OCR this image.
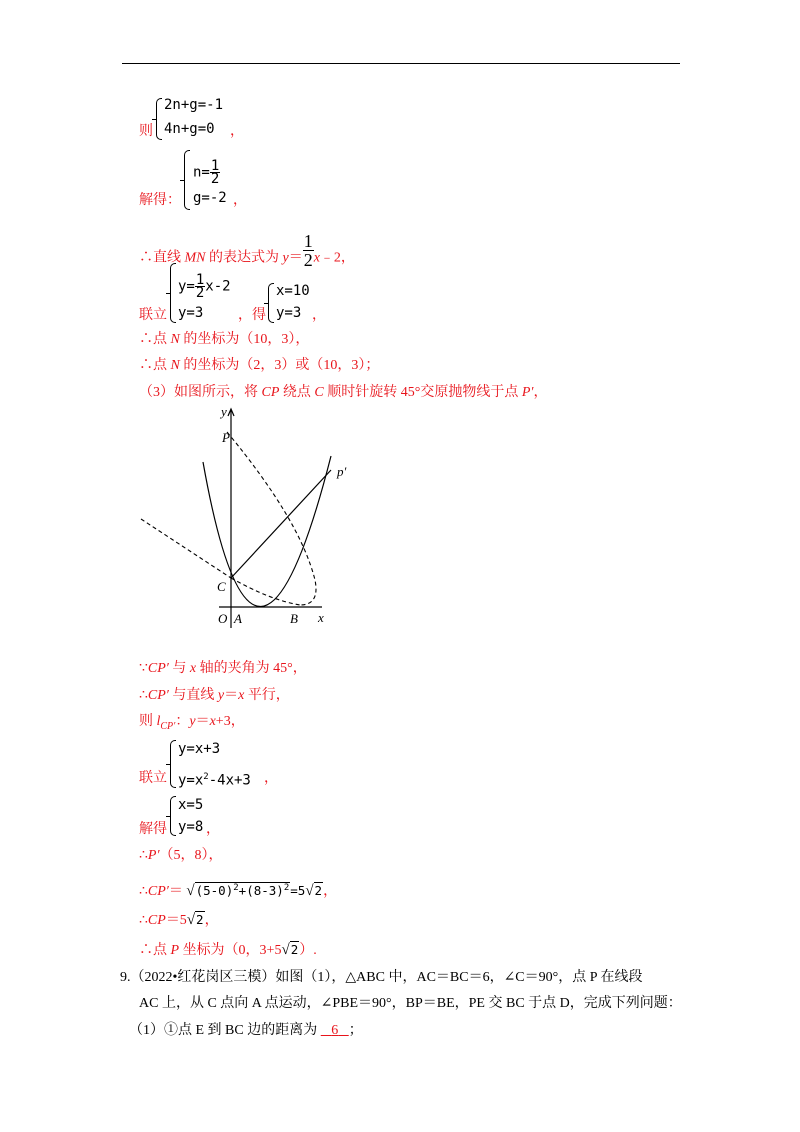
则
2n+g=-1
4n+g=0 ，
解得：
$n= \frac{1}{2}$
g=-2 ，
∴直线 MN 的表达式为 $y= \frac{1}{2}$ x﹣2，
联立
$y= \frac{1}{2} x-2$
y=3 ，得
x=10
y=3 ，
∴点 N 的坐标为（10，3），
∴点 N 的坐标为（2，3）或（10，3）；
（3）如图所示，将 CP 绕点 C 顺时针旋转 45°交原抛物线于点 P′，
y
P
p′
C
O A	B x
∵CP′ 与 x 轴的夹角为 45°，
∴CP′ 与直线 y＝x 平行，
则 $l_{CP'}$：y＝x+3，
联立
y=x+3
$y=x^2-4x+3$ ，
解得
x=5
y=8 ，
∴P′（5，8），
∴CP′＝ $√(5-0)^2+(8-3)^2=5√2$，
∴CP＝5√2，
∴点 P 坐标为（0，3+5√2）.
9.（2022•红花岗区三模）如图（1），△ABC 中，AC＝BC＝6，∠C＝90°，点 P 在线段
AC 上，从 C 点向 A 点运动，∠PBE＝90°，BP＝BE，PE 交 BC 于点 D，完成下列问题：
（1）①点 E 到 BC 边的距离为    6 ；
